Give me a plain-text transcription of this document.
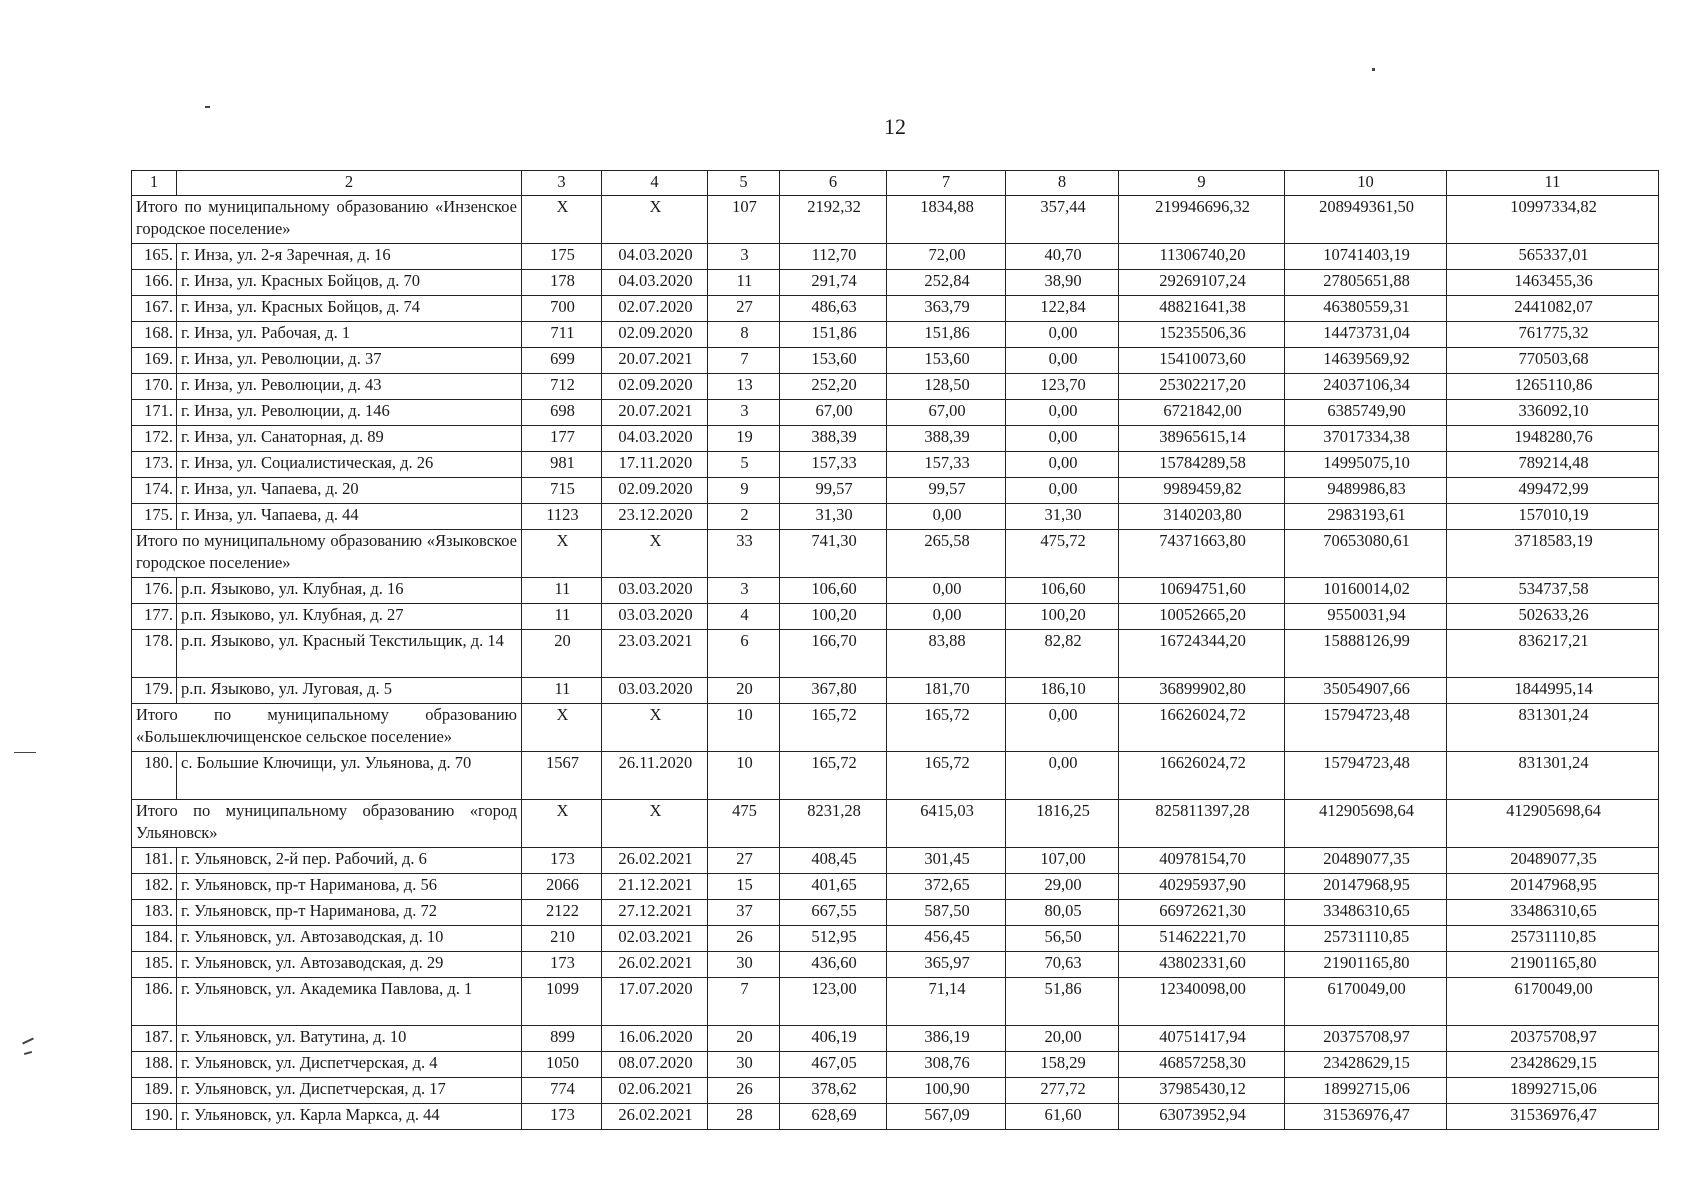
12
1	2	3	4	5	6	7	8	9	10	11
Итого по муниципальному образованию «Инзенское городское поселение»		X	X	107	2192,32	1834,88	357,44	219946696,32	208949361,50	10997334,82
165.	г. Инза, ул. 2-я Заречная, д. 16	175	04.03.2020	3	112,70	72,00	40,70	11306740,20	10741403,19	565337,01
166.	г. Инза, ул. Красных Бойцов, д. 70	178	04.03.2020	11	291,74	252,84	38,90	29269107,24	27805651,88	1463455,36
167.	г. Инза, ул. Красных Бойцов, д. 74	700	02.07.2020	27	486,63	363,79	122,84	48821641,38	46380559,31	2441082,07
168.	г. Инза, ул. Рабочая, д. 1	711	02.09.2020	8	151,86	151,86	0,00	15235506,36	14473731,04	761775,32
169.	г. Инза, ул. Революции, д. 37	699	20.07.2021	7	153,60	153,60	0,00	15410073,60	14639569,92	770503,68
170.	г. Инза, ул. Революции, д. 43	712	02.09.2020	13	252,20	128,50	123,70	25302217,20	24037106,34	1265110,86
171.	г. Инза, ул. Революции, д. 146	698	20.07.2021	3	67,00	67,00	0,00	6721842,00	6385749,90	336092,10
172.	г. Инза, ул. Санаторная, д. 89	177	04.03.2020	19	388,39	388,39	0,00	38965615,14	37017334,38	1948280,76
173.	г. Инза, ул. Социалистическая, д. 26	981	17.11.2020	5	157,33	157,33	0,00	15784289,58	14995075,10	789214,48
174.	г. Инза, ул. Чапаева, д. 20	715	02.09.2020	9	99,57	99,57	0,00	9989459,82	9489986,83	499472,99
175.	г. Инза, ул. Чапаева, д. 44	1123	23.12.2020	2	31,30	0,00	31,30	3140203,80	2983193,61	157010,19
Итого по муниципальному образованию «Языковское городское поселение»		X	X	33	741,30	265,58	475,72	74371663,80	70653080,61	3718583,19
176.	р.п. Языково, ул. Клубная, д. 16	11	03.03.2020	3	106,60	0,00	106,60	10694751,60	10160014,02	534737,58
177.	р.п. Языково, ул. Клубная, д. 27	11	03.03.2020	4	100,20	0,00	100,20	10052665,20	9550031,94	502633,26
178.	р.п. Языково, ул. Красный Текстильщик, д. 14	20	23.03.2021	6	166,70	83,88	82,82	16724344,20	15888126,99	836217,21
179.	р.п. Языково, ул. Луговая, д. 5	11	03.03.2020	20	367,80	181,70	186,10	36899902,80	35054907,66	1844995,14
Итого по муниципальному образованию «Большеключищенское сельское поселение»		X	X	10	165,72	165,72	0,00	16626024,72	15794723,48	831301,24
180.	с. Большие Ключищи, ул. Ульянова, д. 70	1567	26.11.2020	10	165,72	165,72	0,00	16626024,72	15794723,48	831301,24
Итого по муниципальному образованию «город Ульяновск»		X	X	475	8231,28	6415,03	1816,25	825811397,28	412905698,64	412905698,64
181.	г. Ульяновск, 2-й пер. Рабочий, д. 6	173	26.02.2021	27	408,45	301,45	107,00	40978154,70	20489077,35	20489077,35
182.	г. Ульяновск, пр-т Нариманова, д. 56	2066	21.12.2021	15	401,65	372,65	29,00	40295937,90	20147968,95	20147968,95
183.	г. Ульяновск, пр-т Нариманова, д. 72	2122	27.12.2021	37	667,55	587,50	80,05	66972621,30	33486310,65	33486310,65
184.	г. Ульяновск, ул. Автозаводская, д. 10	210	02.03.2021	26	512,95	456,45	56,50	51462221,70	25731110,85	25731110,85
185.	г. Ульяновск, ул. Автозаводская, д. 29	173	26.02.2021	30	436,60	365,97	70,63	43802331,60	21901165,80	21901165,80
186.	г. Ульяновск, ул. Академика Павлова, д. 1	1099	17.07.2020	7	123,00	71,14	51,86	12340098,00	6170049,00	6170049,00
187.	г. Ульяновск, ул. Ватутина, д. 10	899	16.06.2020	20	406,19	386,19	20,00	40751417,94	20375708,97	20375708,97
188.	г. Ульяновск, ул. Диспетчерская, д. 4	1050	08.07.2020	30	467,05	308,76	158,29	46857258,30	23428629,15	23428629,15
189.	г. Ульяновск, ул. Диспетчерская, д. 17	774	02.06.2021	26	378,62	100,90	277,72	37985430,12	18992715,06	18992715,06
190.	г. Ульяновск, ул. Карла Маркса, д. 44	173	26.02.2021	28	628,69	567,09	61,60	63073952,94	31536976,47	31536976,47
